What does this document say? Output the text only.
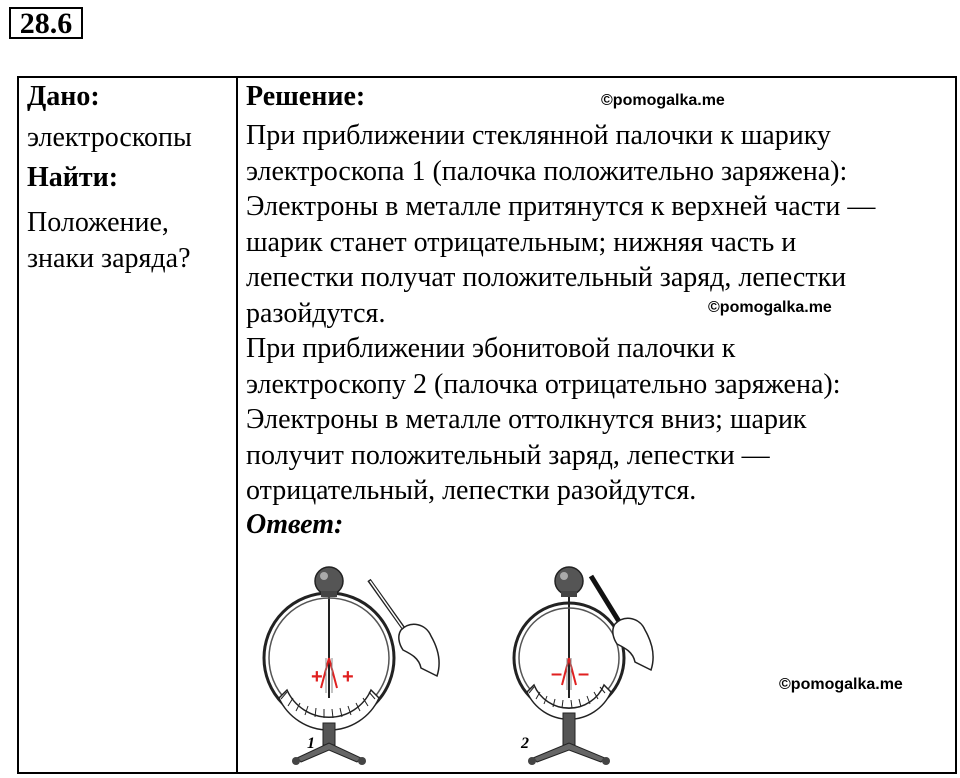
28.6
Дано:
электроскопы
Найти:
Положение,
знаки заряда?
Решение:
При приближении стеклянной палочки к шарику
электроскопа 1 (палочка положительно заряжена):
Электроны в металле притянутся к верхней части —
шарик станет отрицательным; нижняя часть и
лепестки получат положительный заряд, лепестки
разойдутся.
При приближении эбонитовой палочки к
электроскопу 2 (палочка отрицательно заряжена):
Электроны в металле оттолкнутся вниз; шарик
получит положительный заряд, лепестки —
отрицательный, лепестки разойдутся.
Ответ:
©pomogalka.me
©pomogalka.me
©pomogalka.me
+ +
1
– –
2
